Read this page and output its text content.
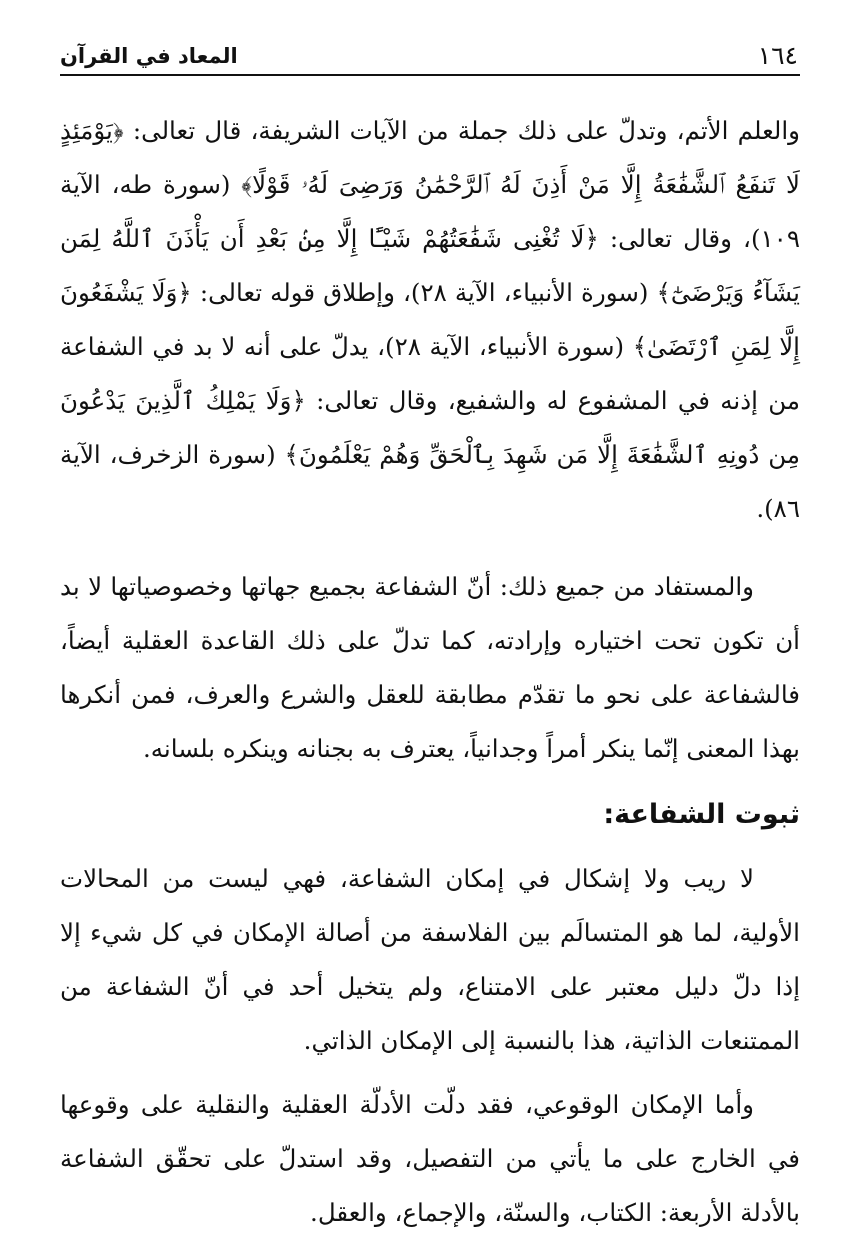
المعاد في القرآن	١٦٤

والعلم الأتم، وتدلّ على ذلك جملة من الآيات الشريفة، قال تعالى: ﴿يَوْمَئِذٍ لَا تَنفَعُ ٱلشَّفَٰعَةُ إِلَّا مَنْ أَذِنَ لَهُ ٱلرَّحْمَٰنُ وَرَضِىَ لَهُۥ قَوْلًا﴾ (سورة طه، الآية ١٠٩)، وقال تعالى: ﴿لَا تُغْنِى شَفَٰعَتُهُمْ شَيْـًٔا إِلَّا مِنۢ بَعْدِ أَن يَأْذَنَ ٱللَّهُ لِمَن يَشَآءُ وَيَرْضَىٰٓ﴾ (سورة الأنبياء، الآية ٢٨)، وإطلاق قوله تعالى: ﴿وَلَا يَشْفَعُونَ إِلَّا لِمَنِ ٱرْتَضَىٰ﴾ (سورة الأنبياء، الآية ٢٨)، يدلّ على أنه لا بد في الشفاعة من إذنه في المشفوع له والشفيع، وقال تعالى: ﴿وَلَا يَمْلِكُ ٱلَّذِينَ يَدْعُونَ مِن دُونِهِ ٱلشَّفَٰعَةَ إِلَّا مَن شَهِدَ بِٱلْحَقِّ وَهُمْ يَعْلَمُونَ﴾ (سورة الزخرف، الآية ٨٦).

والمستفاد من جميع ذلك: أنّ الشفاعة بجميع جهاتها وخصوصياتها لا بد أن تكون تحت اختياره وإرادته، كما تدلّ على ذلك القاعدة العقلية أيضاً، فالشفاعة على نحو ما تقدّم مطابقة للعقل والشرع والعرف، فمن أنكرها بهذا المعنى إنّما ينكر أمراً وجدانياً، يعترف به بجنانه وينكره بلسانه.

ثبوت الشفاعة:

لا ريب ولا إشكال في إمكان الشفاعة، فهي ليست من المحالات الأولية، لما هو المتسالَم بين الفلاسفة من أصالة الإمكان في كل شيء إلا إذا دلّ دليل معتبر على الامتناع، ولم يتخيل أحد في أنّ الشفاعة من الممتنعات الذاتية، هذا بالنسبة إلى الإمكان الذاتي.

وأما الإمكان الوقوعي، فقد دلّت الأدلّة العقلية والنقلية على وقوعها في الخارج على ما يأتي من التفصيل، وقد استدلّ على تحقّق الشفاعة بالأدلة الأربعة: الكتاب، والسنّة، والإجماع، والعقل.
